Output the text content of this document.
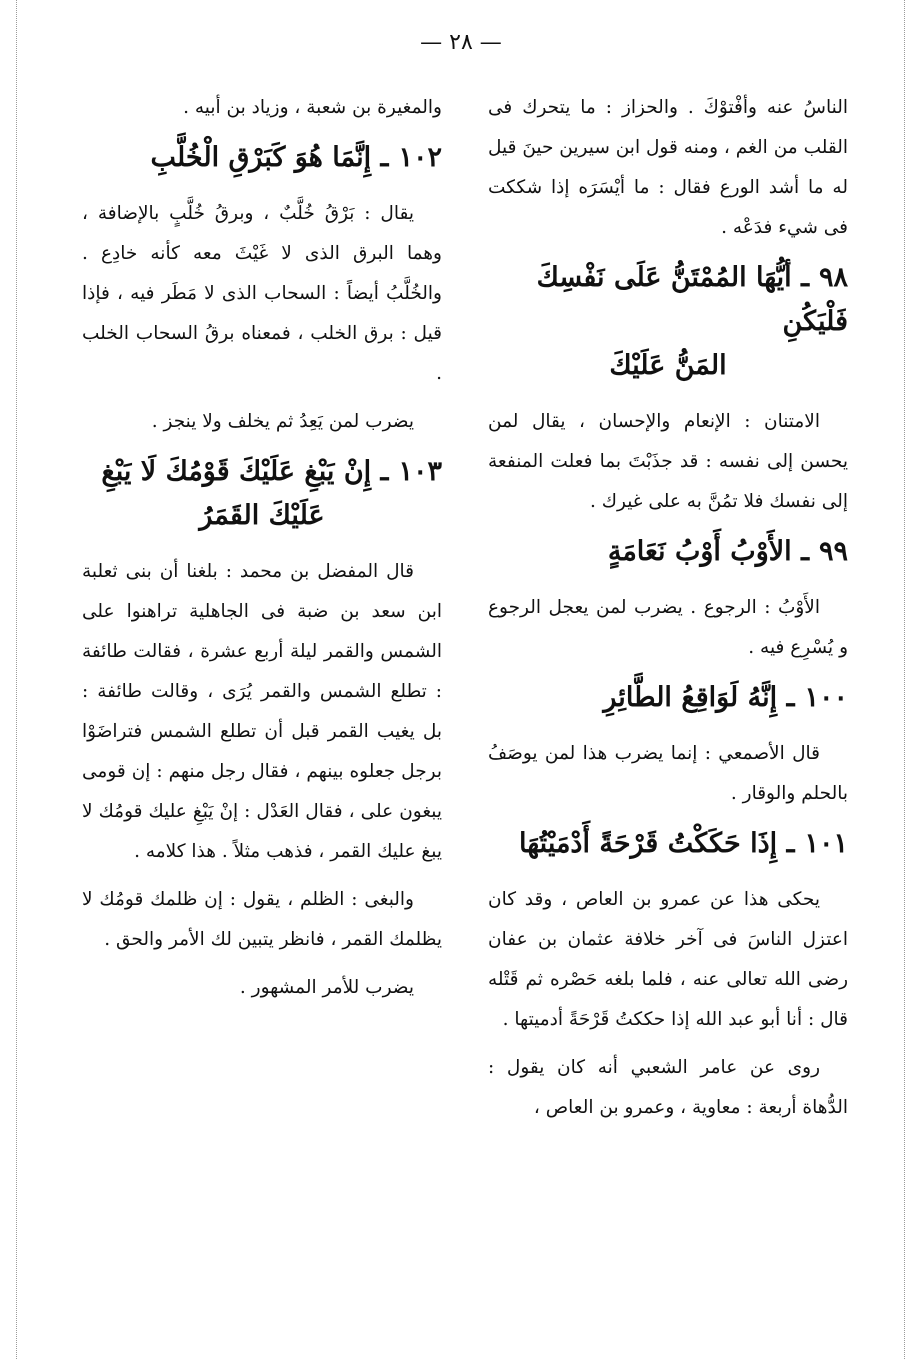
— ٢٨ —

الناسُ عنه وأفْتوْكَ . والحزاز : ما يتحرك فى القلب من الغم ، ومنه قول ابن سيرين حينَ قيل له ما أشد الورع فقال : ما أيْسَرَه إذا شككت فى شيء فدَعْه .

٩٨ـ أيُّهَا المُمْتَنُّ عَلَى نَفْسِكَ فَلْيَكُنِ
المَنُّ عَلَيْكَ

الامتنان : الإنعام والإحسان ، يقال لمن يحسن إلى نفسه : قد جذَبْتَ بما فعلت المنفعة إلى نفسك فلا تمُنَّ به على غيرك .

٩٩ـ الأَوْبُ أَوْبُ نَعَامَةٍ

الأَوْبُ : الرجوع . يضرب لمن يعجل الرجوع و يُسْرِع فيه .

١٠٠ـ إِنَّهُ لَوَاقِعُ الطَّائِرِ

قال الأصمعي : إنما يضرب هذا لمن يوصَفُ بالحلم والوقار .

١٠١ـ إِذَا حَكَكْتُ قَرْحَةً أَدْمَيْتُهَا

يحكى هذا عن عمرو بن العاص ، وقد كان اعتزل الناسَ فى آخر خلافة عثمان بن عفان رضى الله تعالى عنه ، فلما بلغه حَصْره ثم قَتْله قال : أنا أبو عبد الله إذا حككتُ قَرْحَةً أدميتها .

روى عن عامر الشعبي أنه كان يقول : الدُّهاة أربعة : معاوية ، وعمرو بن العاص ،

والمغيرة بن شعبة ، وزياد بن أبيه .

١٠٢ـ إِنَّمَا هُوَ كَبَرْقِ الْخُلَّبِ

يقال : بَرْقُ خُلَّبٌ ، وبرقُ خُلَّبٍ بالإضافة ، وهما البرق الذى لا غَيْثَ معه كأنه خادِع . والخُلَّبُ أيضاً : السحاب الذى لا مَطَر فيه ، فإذا قيل : برق الخلب ، فمعناه برقُ السحاب الخلب .

يضرب لمن يَعِدُ ثم يخلف ولا ينجز .

١٠٣ـ إِنْ يَبْغِ عَلَيْكَ قَوْمُكَ لَا يَبْغِ
عَلَيْكَ القَمَرُ

قال المفضل بن محمد : بلغنا أن بنى ثعلبة ابن سعد بن ضبة فى الجاهلية تراهنوا على الشمس والقمر ليلة أربع عشرة ، فقالت طائفة : تطلع الشمس والقمر يُرَى ، وقالت طائفة : بل يغيب القمر قبل أن تطلع الشمس فتراضَوْا برجل جعلوه بينهم ، فقال رجل منهم : إن قومى يبغون على ، فقال العَدْل : إنْ يَبْغِ عليك قومُك لا يبغ عليك القمر ، فذهب مثلاً . هذا كلامه .

والبغى : الظلم ، يقول : إن ظلمك قومُك لا يظلمك القمر ، فانظر يتبين لك الأمر والحق .

يضرب للأمر المشهور .
